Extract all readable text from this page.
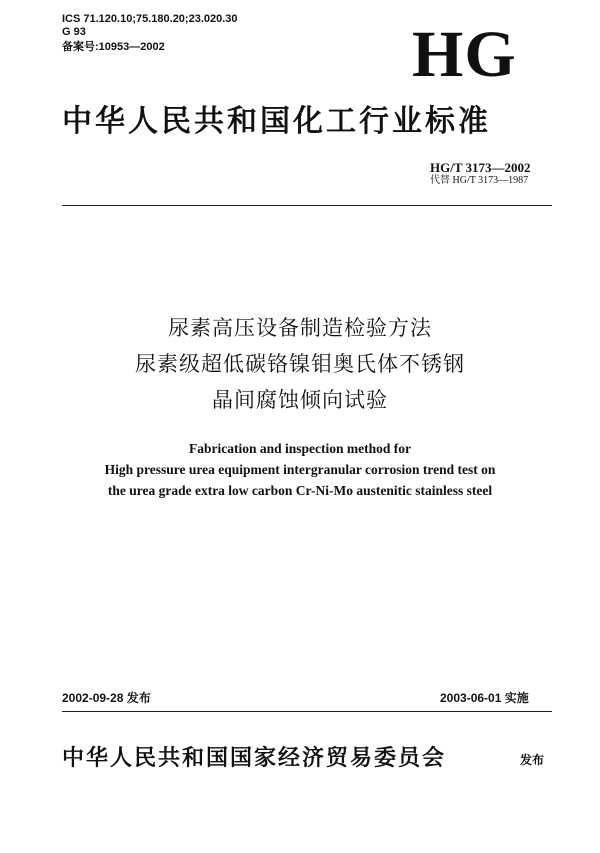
ICS 71.120.10;75.180.20;23.020.30
G 93
备案号:10953—2002	HG
中华人民共和国化工行业标准
HG/T 3173—2002
代替 HG/T 3173—1987
尿素高压设备制造检验方法
尿素级超低碳铬镍钼奥氏体不锈钢
晶间腐蚀倾向试验
Fabrication and inspection method for
High pressure urea equipment intergranular corrosion trend test on
the urea grade extra low carbon Cr-Ni-Mo austenitic stainless steel
2002-09-28 发布	2003-06-01 实施
中华人民共和国国家经济贸易委员会	发布
